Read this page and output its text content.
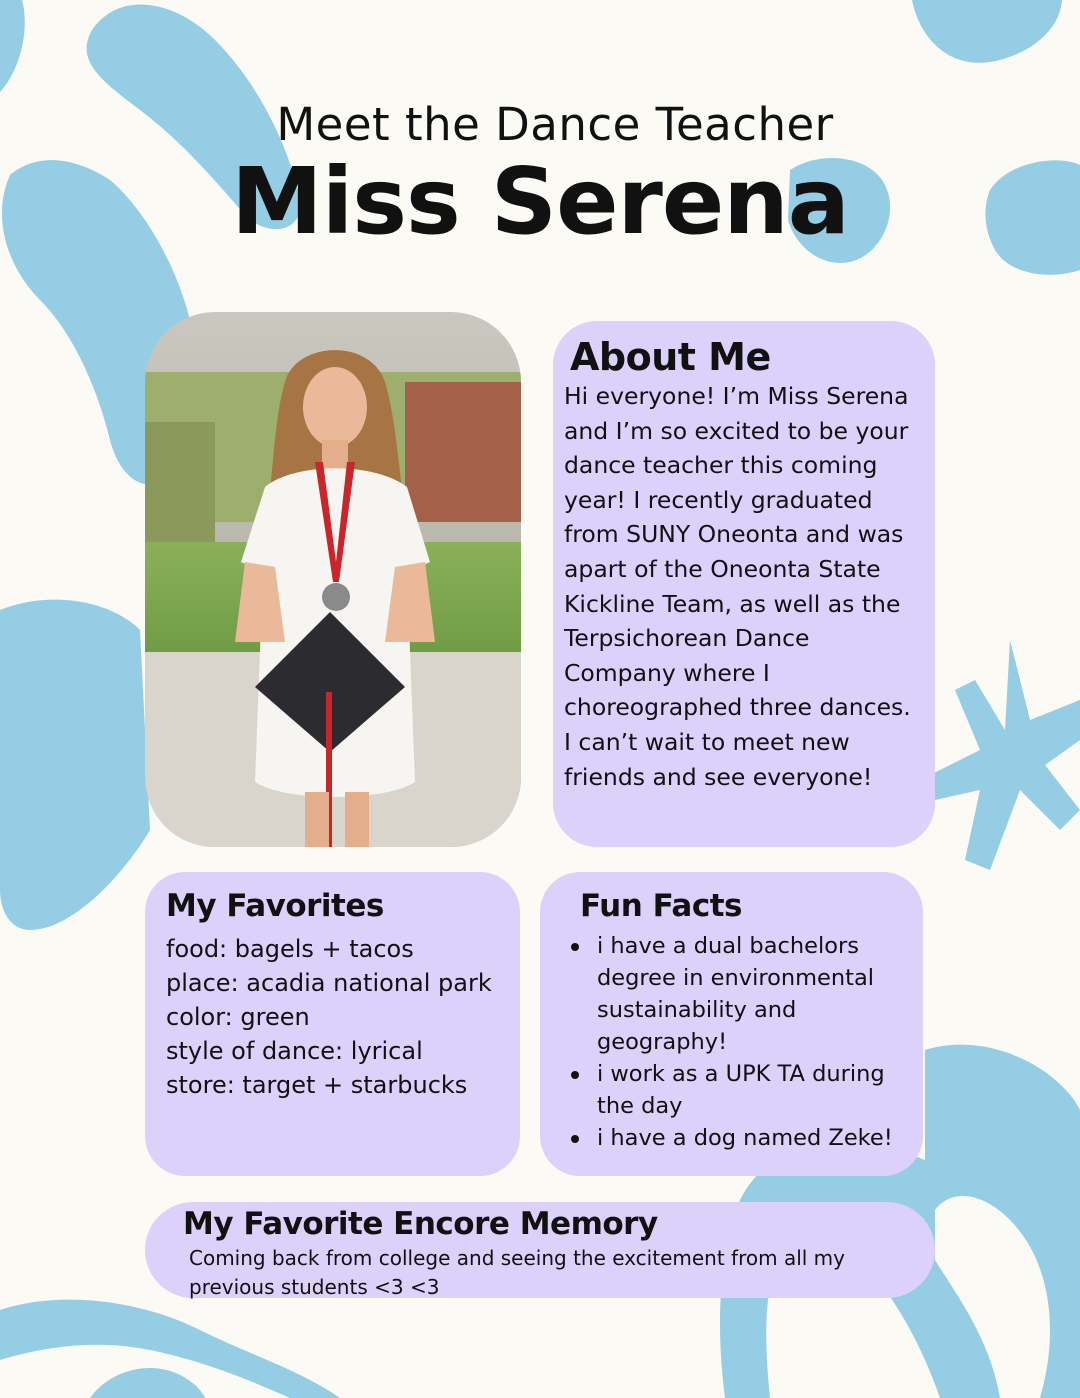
Meet the Dance Teacher
Miss Serena
About Me

Hi everyone! I’m Miss Serena and I’m so excited to be your dance teacher this coming year! I recently graduated from SUNY Oneonta and was apart of the Oneonta State Kickline Team, as well as the Terpsichorean Dance Company where I choreographed three dances. I can’t wait to meet new friends and see everyone!

My Favorites
food: bagels + tacos
place: acadia national park
color: green
style of dance: lyrical
store: target + starbucks
Fun Facts
i have a dual bachelors degree in environmental sustainability and geography!
i work as a UPK TA during the day
i have a dog named Zeke!
My Favorite Encore Memory

Coming back from college and seeing the excitement from all my previous students <3 <3
